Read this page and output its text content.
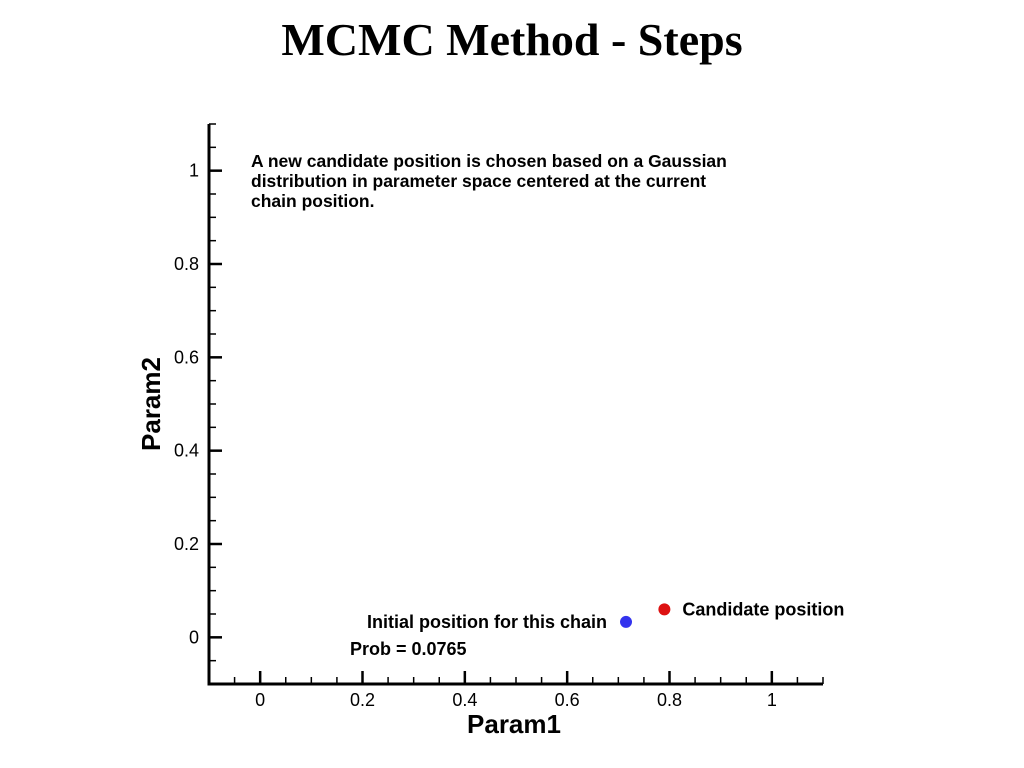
MCMC Method - Steps
0	0.2	0.4	0.6	0.8	1
0
0.2
0.4
0.6
0.8
1
Param1
Param2
A new candidate position is chosen based on a Gaussian
distribution in parameter space centered at the current
chain position.
Initial position for this chain
Prob = 0.0765
Candidate position
